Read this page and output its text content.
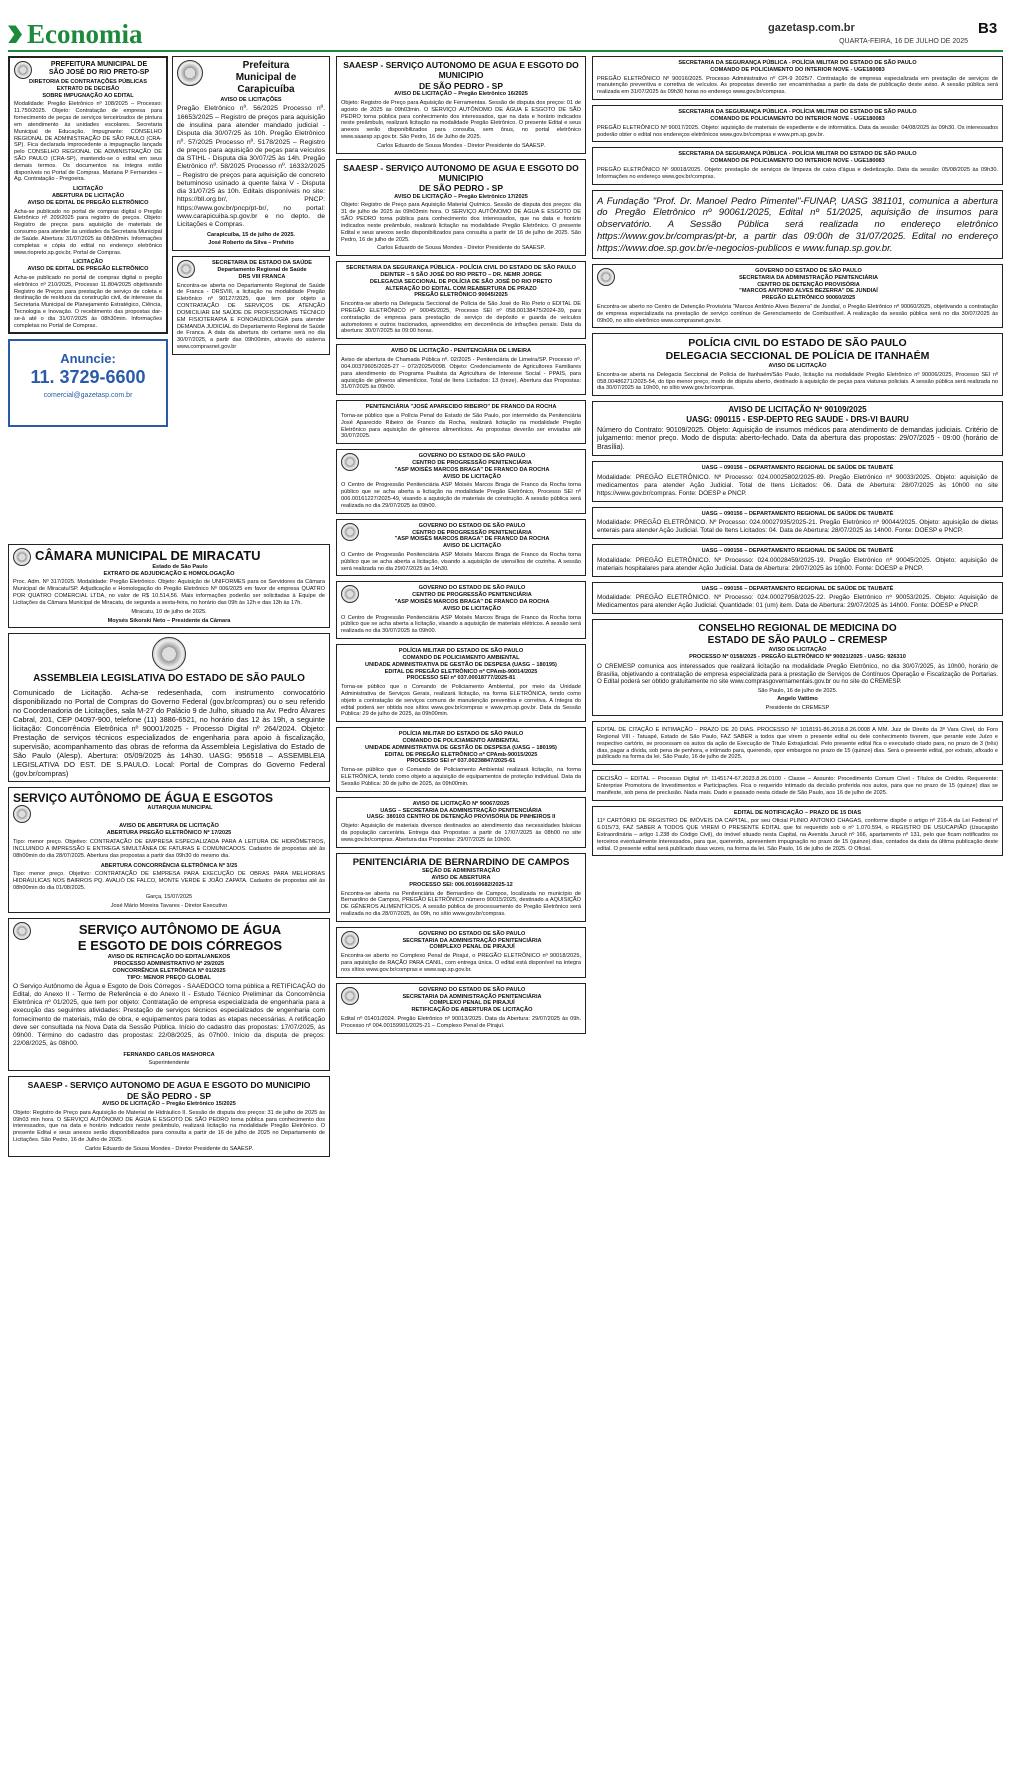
Economia	gazetasp.com.br	B3
QUARTA-FEIRA, 16 DE JULHO DE 2025
PREFEITURA MUNICIPAL DE
SÃO JOSÉ DO RIO PRETO-SP
DIRETORIA DE CONTRATAÇÕES PÚBLICAS
EXTRATO DE DECISÃO
SOBRE IMPUGNAÇÃO AO EDITAL
Modalidade: Pregão Eletrônico nº 108/2025 – Processo: 11.750/2025. Objeto: Contratação de empresa para fornecimento de peças de serviços terceirizados de pintura em atendimento às unidades escolares. Secretaria Municipal de Educação. Impugnante: CONSELHO REGIONAL DE ADMINISTRAÇÃO DE SÃO PAULO (CRA-SP). Fica declarada improcedente a impugnação lançada pelo CONSELHO REGIONAL DE ADMINISTRAÇÃO DE SÃO PAULO (CRA-SP), mantendo-se o edital em seus demais termos. Os documentos na íntegra estão disponíveis no Portal de Compras. Mariana P Fernandes – Ag. Contratação - Pregoeira.
LICITAÇÃO
ABERTURA DE LICITAÇÃO
AVISO DE EDITAL DE PREGÃO ELETRÔNICO
Acha-se publicado no portal de compras digital o Pregão Eletrônico nº 209/2025 para registro de preços. Objeto: Registro de preços para aquisição de materiais de consumo para atender às unidades da Secretaria Municipal de Saúde. Abertura: 31/07/2025 às 08h30min. Informações completas e cópia do edital no endereço eletrônico www.riopreto.sp.gov.br, Portal de Compras.
LICITAÇÃO
AVISO DE EDITAL DE PREGÃO ELETRÔNICO
Acha-se publicado no portal de compras digital o pregão eletrônico nº 210/2025, Processo 11.804/2025 objetivando Registro de Preços para prestação de serviço de coleta e destinação de resíduos da construção civil, de interesse da Secretaria Municipal de Planejamento Estratégico, Ciência, Tecnologia e Inovação. O recebimento das propostas dar-se-á até o dia 31/07/2025 às 08h30min. Informações completas no Portal de Compras.
Anuncie:
11. 3729-6600
comercial@gazetasp.com.br
CÂMARA MUNICIPAL DE MIRACATU
Estado de São Paulo
EXTRATO DE ADJUDICAÇÃO E HOMOLOGAÇÃO
Proc. Adm. Nº 317/2025. Modalidade: Pregão Eletrônico. Objeto: Aquisição de UNIFORMES para os Servidores da Câmara Municipal de Miracatu/SP. Adjudicação e Homologação do Pregão Eletrônico Nº 006/2025 em favor de empresa QUATRO POR QUATRO COMERCIAL LTDA, no valor de R$ 10.514,56. Mais informações poderão ser solicitadas à Equipe de Licitações da Câmara Municipal de Miracatu, de segunda a sexta-feira, no horário das 09h às 12h e das 13h às 17h.
Miracatu, 10 de julho de 2025.
Moysés Sikorski Neto – Presidente da Câmara
ASSEMBLEIA LEGISLATIVA DO ESTADO DE SÃO PAULO
Comunicado de Licitação. Acha-se redesenhada, com instrumento convocatório disponibilizado no Portal de Compras do Governo Federal (gov.br/compras) ou o seu referido no Coordenadoria de Licitações, sala M-27 do Palácio 9 de Julho, situado na Av. Pedro Álvares Cabral, 201, CEP 04097-900, telefone (11) 3886-6521, no horário das 12 às 19h, a seguinte licitação: Concorrência Eletrônica nº 90001/2025 - Processo Digital nº 264/2024. Objeto: Prestação de serviços técnicos especializados de engenharia para apoio à fiscalização, supervisão, acompanhamento das obras de reforma da Assembleia Legislativa do Estado de São Paulo (Alesp). Abertura: 05/09/2025 às 14h30. UASG: 956518 – ASSEMBLEIA LEGISLATIVA DO EST. DE S.PAULO. Local: Portal de Compras do Governo Federal (gov.br/compras)
SERVIÇO AUTÔNOMO DE ÁGUA E ESGOTOS
AUTARQUIA MUNICIPAL
AVISO DE ABERTURA DE LICITAÇÃO
ABERTURA PREGÃO ELETRÔNICO Nº 17/2025
Tipo: menor preço. Objetivo: CONTRATAÇÃO DE EMPRESA ESPECIALIZADA PARA A LEITURA DE HIDRÔMETROS, INCLUINDO A IMPRESSÃO E ENTREGA SIMULTÂNEA DE FATURAS E COMUNICADOS. Cadastro de propostas até às 08h00min do dia 28/07/2025. Abertura das propostas a partir das 09h30 do mesmo dia.
ABERTURA CONCORRÊNCIA ELETRÔNICA Nº 3/25
Tipo: menor preço. Objetivo: CONTRATAÇÃO DE EMPRESA PARA EXECUÇÃO DE OBRAS PARA MELHORIAS HIDRÁULICAS NOS BAIRROS PQ. AVALIÓ DE FALCO, MONTE VERDE E JOÃO ZAPATA. Cadastro de propostas até às 08h00min do dia 01/08/2025.
Garça, 15/07/2025
José Mário Moreira Tavares - Diretor Executivo
SERVIÇO AUTÔNOMO DE ÁGUA
E ESGOTO DE DOIS CÓRREGOS
AVISO DE RETIFICAÇÃO DO EDITAL/ANEXOS
PROCESSO ADMINISTRATIVO Nº 29/2025
CONCORRÊNCIA ELETRÔNICA Nº 01/2025
TIPO: MENOR PREÇO GLOBAL
O Serviço Autônomo de Água e Esgoto de Dois Córregos - SAAEDOCO torna pública a RETIFICAÇÃO do Edital, do Anexo II - Termo de Referência e do Anexo II - Estudo Técnico Preliminar da Concorrência Eletrônica nº 01/2025, que tem por objeto: Contratação de empresa especializada de engenharia para a execução das seguintes atividades: Prestação de serviços técnicos especializados de engenharia com fornecimento de materiais, mão de obra, e equipamentos para todas as etapas necessárias. A retificação deve ser consultada na Nova Data da Sessão Pública. Início do cadastro das propostas: 17/07/2025, às 09h00. Término do cadastro das propostas: 22/08/2025, às 07h00. Início da disputa de preços: 22/08/2025, às 08h00.
FERNANDO CARLOS MASHORCA
Superintendente
SAAESP - SERVIÇO AUTONOMO DE AGUA E ESGOTO DO MUNICIPIO
DE SÃO PEDRO - SP
AVISO DE LICITAÇÃO – Pregão Eletrônico 15/2025
Objeto: Registro de Preço para Aquisição de Material de Hidráulico II. Sessão de disputa dos preços: 31 de julho de 2025 às 09h03 min hora. O SERVIÇO AUTÔNOMO DE ÁGUA E ESGOTO DE SÃO PEDRO torna pública para conhecimento dos interessados, que na data e horário indicados neste preâmbulo, realizará licitação na modalidade Pregão Eletrônico. O presente Edital e seus anexos serão disponibilizados para consulta a partir de 16 de julho de 2025 no Departamento de Licitações. São Pedro, 16 de Julho de 2025.
Carlos Eduardo de Sousa Mondes - Diretor Presidente do SAAESP.
Prefeitura
Municipal de
Carapicuíba
AVISO DE LICITAÇÕES
Pregão Eletrônico nº. 56/2025 Processo nº. 16653/2025 – Registro de preços para aquisição de insulina para atender mandado judicial - Disputa dia 30/07/25 às 10h. Pregão Eletrônico nº. 57/2025 Processo nº. 5178/2025 – Registro de preços para aquisição de peças para veículos da STIHL - Disputa dia 30/07/25 às 14h. Pregão Eletrônico nº. 58/2025 Processo nº. 16332/2025 – Registro de preços para aquisição de concreto betuminoso usinado a quente faixa V - Disputa dia 31/07/25 às 10h. Editais disponíveis no site: https://bll.org.br/, PNCP: https://www.gov.br/pncp/pt-br/, no portal: www.carapicuiba.sp.gov.br e no depto. de Licitações e Compras.
Carapicuíba, 15 de julho de 2025.
José Roberto da Silva – Prefeito
SECRETARIA DE ESTADO DA SAÚDE
Departamento Regional de Saúde
DRS VIII FRANCA
Encontra-se aberta no Departamento Regional de Saúde de Franca - DRSVIII, a licitação na modalidade Pregão Eletrônico nº 90127/2025, que tem por objeto a CONTRATAÇÃO DE SERVIÇOS DE ATENÇÃO DOMICILIAR EM SAÚDE DE PROFISSIONAIS TÉCNICO EM FISIOTERAPIA E FONOAUDIOLOGIA para atender DEMANDA JUDICIAL do Departamento Regional de Saúde de Franca. A data da abertura do certame será no dia 30/07/2025, a partir das 09h00min, através do sistema www.comprasnet.gov.br
SAAESP - SERVIÇO AUTONOMO DE AGUA E ESGOTO DO MUNICIPIO
DE SÃO PEDRO - SP
AVISO DE LICITAÇÃO – Pregão Eletrônico 16/2025
Objeto: Registro de Preço para Aquisição de Ferramentas. Sessão de disputa dos preços: 01 de agosto de 2025 às 09h03min. O SERVIÇO AUTÔNOMO DE ÁGUA E ESGOTO DE SÃO PEDRO torna pública para conhecimento dos interessados, que na data e horário indicados neste preâmbulo, realizará licitação na modalidade Pregão Eletrônico. O presente Edital e seus anexos serão disponibilizados para consulta, sem ônus, no portal eletrônico www.saaesp.sp.gov.br. São Pedro, 16 de Julho de 2025.
Carlos Eduardo de Sousa Mondes - Diretor Presidente do SAAESP.
SAAESP - SERVIÇO AUTONOMO DE AGUA E ESGOTO DO MUNICIPIO
DE SÃO PEDRO - SP
AVISO DE LICITAÇÃO – Pregão Eletrônico 17/2025
Objeto: Registro de Preço para Aquisição Material Químico. Sessão de disputa dos preços: dia 31 de julho de 2025 às 09h03min hora. O SERVIÇO AUTÔNOMO DE ÁGUA E ESGOTO DE SÃO PEDRO torna pública para conhecimento dos interessados, que na data e horário indicados neste preâmbulo, realizará licitação na modalidade Pregão Eletrônico. O presente Edital e seus anexos serão disponibilizados para consulta a partir de 16 de julho de 2025. São Pedro, 16 de julho de 2025.
Carlos Eduardo de Sousa Mondes - Diretor Presidente do SAAESP.
SECRETARIA DA SEGURANÇA PÚBLICA - POLÍCIA CIVIL DO ESTADO DE SÃO PAULO
DEINTER – 5 SÃO JOSÉ DO RIO PRETO – DR. NEMR JORGE
DELEGACIA SECCIONAL DE POLÍCIA DE SÃO JOSÉ DO RIO PRETO
ALTERAÇÃO DO EDITAL COM REABERTURA DE PRAZO
PREGÃO ELETRÔNICO 90045/2025
Encontra-se aberto na Delegacia Seccional de Polícia de São José do Rio Preto o EDITAL DE PREGÃO ELETRÔNICO nº 90045/2025, Processo SEI nº 058.00138475/2024-39, para contratação de empresa para prestação de serviço de depósito e guarda de veículos automotores e outros tracionados, apreendidos em decorrência de infrações penais. Data da abertura: 30/07/2025 às 09:00 horas.
AVISO DE LICITAÇÃO - PENITENCIÁRIA DE LIMEIRA
Aviso de abertura de Chamada Pública nº. 02/2025 - Penitenciária de Limeira/SP. Processo nº. 004.00379605/2025-27 – 072/2025/0098. Objeto: Credenciamento de Agricultores Familiares para atendimento do Programa Paulista da Agricultura de Interesse Social - PPAIS, para aquisição de gêneros alimentícios. Total de Itens Licitados: 13 (treze). Abertura das Propostas: 31/07/2025 às 09h00.
PENITENCIÁRIA "JOSÉ APARECIDO RIBEIRO" DE FRANCO DA ROCHA
Torna-se público que a Polícia Penal do Estado de São Paulo, por intermédio da Penitenciária José Aparecido Ribeiro de Franco da Rocha, realizará licitação na modalidade Pregão Eletrônico para aquisição de gêneros alimentícios. As propostas deverão ser enviadas até 30/07/2025.
GOVERNO DO ESTADO DE SÃO PAULO
CENTRO DE PROGRESSÃO PENITENCIÁRIA
"ASP MOISÉS MARCOS BRAGA" DE FRANCO DA ROCHA
AVISO DE LICITAÇÃO
O Centro de Progressão Penitenciária ASP Moisés Marcos Braga de Franco da Rocha torna público que se acha aberta a licitação na modalidade Pregão Eletrônico, Processo SEI nº 006.00161227/2025-49, visando a aquisição de materiais de construção. A sessão pública será realizada no dia 29/07/2025 às 09h00.
GOVERNO DO ESTADO DE SÃO PAULO
CENTRO DE PROGRESSÃO PENITENCIÁRIA
"ASP MOISÉS MARCOS BRAGA" DE FRANCO DA ROCHA
AVISO DE LICITAÇÃO
O Centro de Progressão Penitenciária ASP Moisés Marcos Braga de Franco da Rocha torna público que se acha aberta a licitação, visando a aquisição de utensílios de cozinha. A sessão será realizada no dia 29/07/2025 às 14h30.
GOVERNO DO ESTADO DE SÃO PAULO
CENTRO DE PROGRESSÃO PENITENCIÁRIA
"ASP MOISÉS MARCOS BRAGA" DE FRANCO DA ROCHA
AVISO DE LICITAÇÃO
O Centro de Progressão Penitenciária ASP Moisés Marcos Braga de Franco da Rocha torna público que se acha aberta a licitação, visando a aquisição de materiais elétricos. A sessão será realizada no dia 30/07/2025 às 09h00.
POLÍCIA MILITAR DO ESTADO DE SÃO PAULO
COMANDO DE POLICIAMENTO AMBIENTAL
UNIDADE ADMINISTRATIVA DE GESTÃO DE DESPESA (UASG – 180195)
EDITAL DE PREGÃO ELETRÔNICO nº CPAmb-90014/2025
PROCESSO SEI nº 037.00018777/2025-81
Torna-se público que o Comando de Policiamento Ambiental, por meio da Unidade Administrativa de Serviços Gerais, realizará licitação, na forma ELETRÔNICA, tendo como objeto a contratação de serviços comuns de manutenção preventiva e corretiva. A íntegra do edital poderá ser obtida nos sítios www.gov.br/compras e www.pm.sp.gov.br. Data da Sessão Pública: 29 de julho de 2025, às 09h00min.
POLÍCIA MILITAR DO ESTADO DE SÃO PAULO
COMANDO DE POLICIAMENTO AMBIENTAL
UNIDADE ADMINISTRATIVA DE GESTÃO DE DESPESA (UASG – 180195)
EDITAL DE PREGÃO ELETRÔNICO nº CPAmb-90015/2025
PROCESSO SEI nº 037.00238847/2025-61
Torna-se público que o Comando de Policiamento Ambiental realizará licitação, na forma ELETRÔNICA, tendo como objeto a aquisição de equipamentos de proteção individual. Data da Sessão Pública: 30 de julho de 2025, às 09h00min.
AVISO DE LICITAÇÃO Nº 90067/2025
UASG – SECRETARIA DA ADMINISTRAÇÃO PENITENCIÁRIA
UASG: 380103 CENTRO DE DETENÇÃO PROVISÓRIA DE PINHEIROS II
Objeto: Aquisição de materiais diversos destinados ao atendimento das necessidades básicas da população carcerária. Entrega das Propostas: a partir de 17/07/2025 às 08h00 no site www.gov.br/compras. Abertura das Propostas: 29/07/2025 às 10h00.
PENITENCIÁRIA DE BERNARDINO DE CAMPOS
SEÇÃO DE ADMINISTRAÇÃO
AVISO DE ABERTURA
PROCESSO SEI: 006.00160682/2025-12
Encontra-se aberta na Penitenciária de Bernardino de Campos, localizada no município de Bernardino de Campos, PREGÃO ELETRÔNICO número 90015/2025, destinado a AQUISIÇÃO DE GÊNEROS ALIMENTÍCIOS. A sessão pública de processamento do Pregão Eletrônico será realizada no dia 28/07/2025, às 09h, no sítio www.gov.br/compras.
GOVERNO DO ESTADO DE SÃO PAULO
SECRETARIA DA ADMINISTRAÇÃO PENITENCIÁRIA
COMPLEXO PENAL DE PIRAJUÍ
Encontra-se aberto no Complexo Penal de Pirajuí, o PREGÃO ELETRÔNICO nº 90018/2025, para aquisição de RAÇÃO PARA CANIL, com entrega única. O edital está disponível na íntegra nos sítios www.gov.br/compras e www.sap.sp.gov.br.
GOVERNO DO ESTADO DE SÃO PAULO
SECRETARIA DA ADMINISTRAÇÃO PENITENCIÁRIA
COMPLEXO PENAL DE PIRAJUÍ
RETIFICAÇÃO DE ABERTURA DE LICITAÇÃO
Edital nº 01401/2024. Pregão Eletrônico nº 90013/2025. Data da Abertura: 29/07/2025 às 09h. Processo nº 004.00159901/2025-21 – Complexo Penal de Pirajuí.
SECRETARIA DA SEGURANÇA PÚBLICA - POLÍCIA MILITAR DO ESTADO DE SÃO PAULO
COMANDO DE POLICIAMENTO DO INTERIOR NOVE - UGE180083
PREGÃO ELETRÔNICO Nº 90016/2025. Processo Administrativo nº CPI-9 2025/7. Contratação de empresa especializada em prestação de serviços de manutenção preventiva e corretiva de veículos. As propostas deverão ser encaminhadas a partir da data de publicação deste aviso. A sessão pública será realizada em 31/07/2025 às 09h30 horas no endereço www.gov.br/compras.
SECRETARIA DA SEGURANÇA PÚBLICA - POLÍCIA MILITAR DO ESTADO DE SÃO PAULO
COMANDO DE POLICIAMENTO DO INTERIOR NOVE - UGE180083
PREGÃO ELETRÔNICO Nº 90017/2025. Objeto: aquisição de materiais de expediente e de informática. Data da sessão: 04/08/2025 às 09h30. Os interessados poderão obter o edital nos endereços eletrônicos www.gov.br/compras e www.pm.sp.gov.br.
SECRETARIA DA SEGURANÇA PÚBLICA - POLÍCIA MILITAR DO ESTADO DE SÃO PAULO
COMANDO DE POLICIAMENTO DO INTERIOR NOVE - UGE180083
PREGÃO ELETRÔNICO Nº 90018/2025. Objeto: prestação de serviços de limpeza de caixa d'água e dedetização. Data da sessão: 05/08/2025 às 09h30. Informações no endereço www.gov.br/compras.
A Fundação "Prof. Dr. Manoel Pedro Pimentel"-FUNAP, UASG 381101, comunica a abertura do Pregão Eletrônico nº 90061/2025, Edital nº 51/2025, aquisição de insumos para observatório. A Sessão Pública será realizada no endereço eletrônico https://www.gov.br/compras/pt-br, a partir das 09:00h de 31/07/2025. Edital no endereço https://www.doe.sp.gov.br/e-negocios-publicos e www.funap.sp.gov.br.
GOVERNO DO ESTADO DE SÃO PAULO
SECRETARIA DA ADMINISTRAÇÃO PENITENCIÁRIA
CENTRO DE DETENÇÃO PROVISÓRIA
"MARCOS ANTONIO ALVES BEZERRA" DE JUNDIAÍ
PREGÃO ELETRÔNICO 90060/2025
Encontra-se aberto no Centro de Detenção Provisória "Marcos Antônio Alves Bezerra" de Jundiaí, o Pregão Eletrônico nº 90060/2025, objetivando a contratação de empresa especializada na prestação de serviço contínuo de Gerenciamento de Combustível. A realização da sessão pública será no dia 30/07/2025 às 09h00, no sítio eletrônico www.comprasnet.gov.br.
POLÍCIA CIVIL DO ESTADO DE SÃO PAULO
DELEGACIA SECCIONAL DE POLÍCIA DE ITANHAÉM
AVISO DE LICITAÇÃO
Encontra-se aberta na Delegacia Seccional de Polícia de Itanhaém/São Paulo, licitação na modalidade Pregão Eletrônico nº 90006/2025, Processo SEI nº 058.00486271/2025-54, do tipo menor preço, modo de disputa aberto, destinado à aquisição de peças para viaturas policiais. A sessão pública será realizada no dia 30/07/2025 às 10h00, no sítio www.gov.br/compras.
AVISO DE LICITAÇÃO Nº 90109/2025
UASG: 090115 - ESP-DEPTO REG SAUDE - DRS-VI BAURU
Número do Contrato: 90109/2025. Objeto: Aquisição de insumos médicos para atendimento de demandas judiciais. Critério de julgamento: menor preço. Modo de disputa: aberto-fechado. Data da abertura das propostas: 29/07/2025 - 09:00 (horário de Brasília).
UASG – 090156 – DEPARTAMENTO REGIONAL DE SAÚDE DE TAUBATÉ
Modalidade: PREGÃO ELETRÔNICO. Nº Processo: 024.00025802/2025-89. Pregão Eletrônico nº 90033/2025. Objeto: aquisição de medicamentos para atender Ação Judicial. Total de Itens Licitados: 06. Data de Abertura: 28/07/2025 às 10h00 no site https://www.gov.br/compras. Fonte: DOESP e PNCP.
UASG – 090156 – DEPARTAMENTO REGIONAL DE SAÚDE DE TAUBATÉ
Modalidade: PREGÃO ELETRÔNICO. Nº Processo: 024.00027935/2025-21. Pregão Eletrônico nº 90044/2025. Objeto: aquisição de dietas enterais para atender Ação Judicial. Total de Itens Licitados: 04. Data de Abertura: 28/07/2025 às 14h00. Fonte: DOESP e PNCP.
UASG – 090156 – DEPARTAMENTO REGIONAL DE SAÚDE DE TAUBATÉ
Modalidade: PREGÃO ELETRÔNICO. Nº Processo: 024.00028459/2025-19. Pregão Eletrônico nº 90045/2025. Objeto: aquisição de materiais hospitalares para atender Ação Judicial. Data de Abertura: 29/07/2025 às 10h00. Fonte: DOESP e PNCP.
UASG – 090156 – DEPARTAMENTO REGIONAL DE SAÚDE DE TAUBATÉ
Modalidade: PREGÃO ELETRÔNICO. Nº Processo: 024.00027958/2025-22. Pregão Eletrônico nº 90053/2025. Objeto: Aquisição de Medicamentos para atender Ação Judicial. Quantidade: 01 (um) item. Data de Abertura: 29/07/2025 às 14h00. Fonte: DOESP e PNCP.
CONSELHO REGIONAL DE MEDICINA DO
ESTADO DE SÃO PAULO – CREMESP
AVISO DE LICITAÇÃO
PROCESSO Nº 0158/2025 - PREGÃO ELETRÔNICO Nº 90021/2025 - UASG: 926310
O CREMESP comunica aos interessados que realizará licitação na modalidade Pregão Eletrônico, no dia 30/07/2025, às 10h00, horário de Brasília, objetivando a contratação de empresa especializada para a prestação de Serviços de Contínuos Operação e Fiscalização de Portarias. O Edital poderá ser obtido gratuitamente no site www.comprasgovernamentais.gov.br ou no site do CREMESP.
São Paulo, 16 de julho de 2025.
Angelo Vattimo
Presidente do CREMESP
EDITAL DE CITAÇÃO E INTIMAÇÃO - PRAZO DE 20 DIAS. PROCESSO Nº 1018191-86.2018.8.26.0008 A MM. Juiz de Direito da 3ª Vara Cível, do Foro Regional VIII - Tatuapé, Estado de São Paulo, FAZ SABER a todos que virem o presente edital ou dele conhecimento tiverem, que perante este Juízo e respectivo cartório, se processam os autos da ação de Execução de Título Extrajudicial. Pelo presente edital fica o executado citado para, no prazo de 3 (três) dias, pagar a dívida, sob pena de penhora, e intimado para, querendo, opor embargos no prazo de 15 (quinze) dias. Será o presente edital, por extrato, afixado e publicado na forma da lei. São Paulo, 16 de julho de 2025.
DECISÃO – EDITAL – Processo Digital nº: 1145174-67.2023.8.26.0100 - Classe – Assunto: Procedimento Comum Cível - Títulos de Crédito. Requerente: Enterprise Promotora de Investimentos e Participações. Fica o requerido intimado da decisão proferida nos autos, para que no prazo de 15 (quinze) dias se manifeste, sob pena de preclusão. Nada mais. Dado e passado nesta cidade de São Paulo, aos 16 de julho de 2025.
EDITAL DE NOTIFICAÇÃO – PRAZO DE 15 DIAS
11º CARTÓRIO DE REGISTRO DE IMÓVEIS DA CAPITAL, por seu Oficial PLINIO ANTONIO CHAGAS, conforme dispõe o artigo nº 216-A da Lei Federal nº 6.015/73, FAZ SABER A TODOS QUE VIREM O PRESENTE EDITAL que foi requerido sob o nº 1.070.594, o REGISTRO DE USUCAPIÃO (Usucapião Extraordinária – artigo 1.238 do Código Civil), do imóvel situado nesta Capital, na Avenida Jurucê nº 166, apartamento nº 131, pelo que ficam notificados os terceiros eventualmente interessados, para que, querendo, apresentem impugnação no prazo de 15 (quinze) dias, contados da data da última publicação deste edital. O presente edital será publicado duas vezes, na forma da lei. São Paulo, 16 de julho de 2025. O Oficial.
